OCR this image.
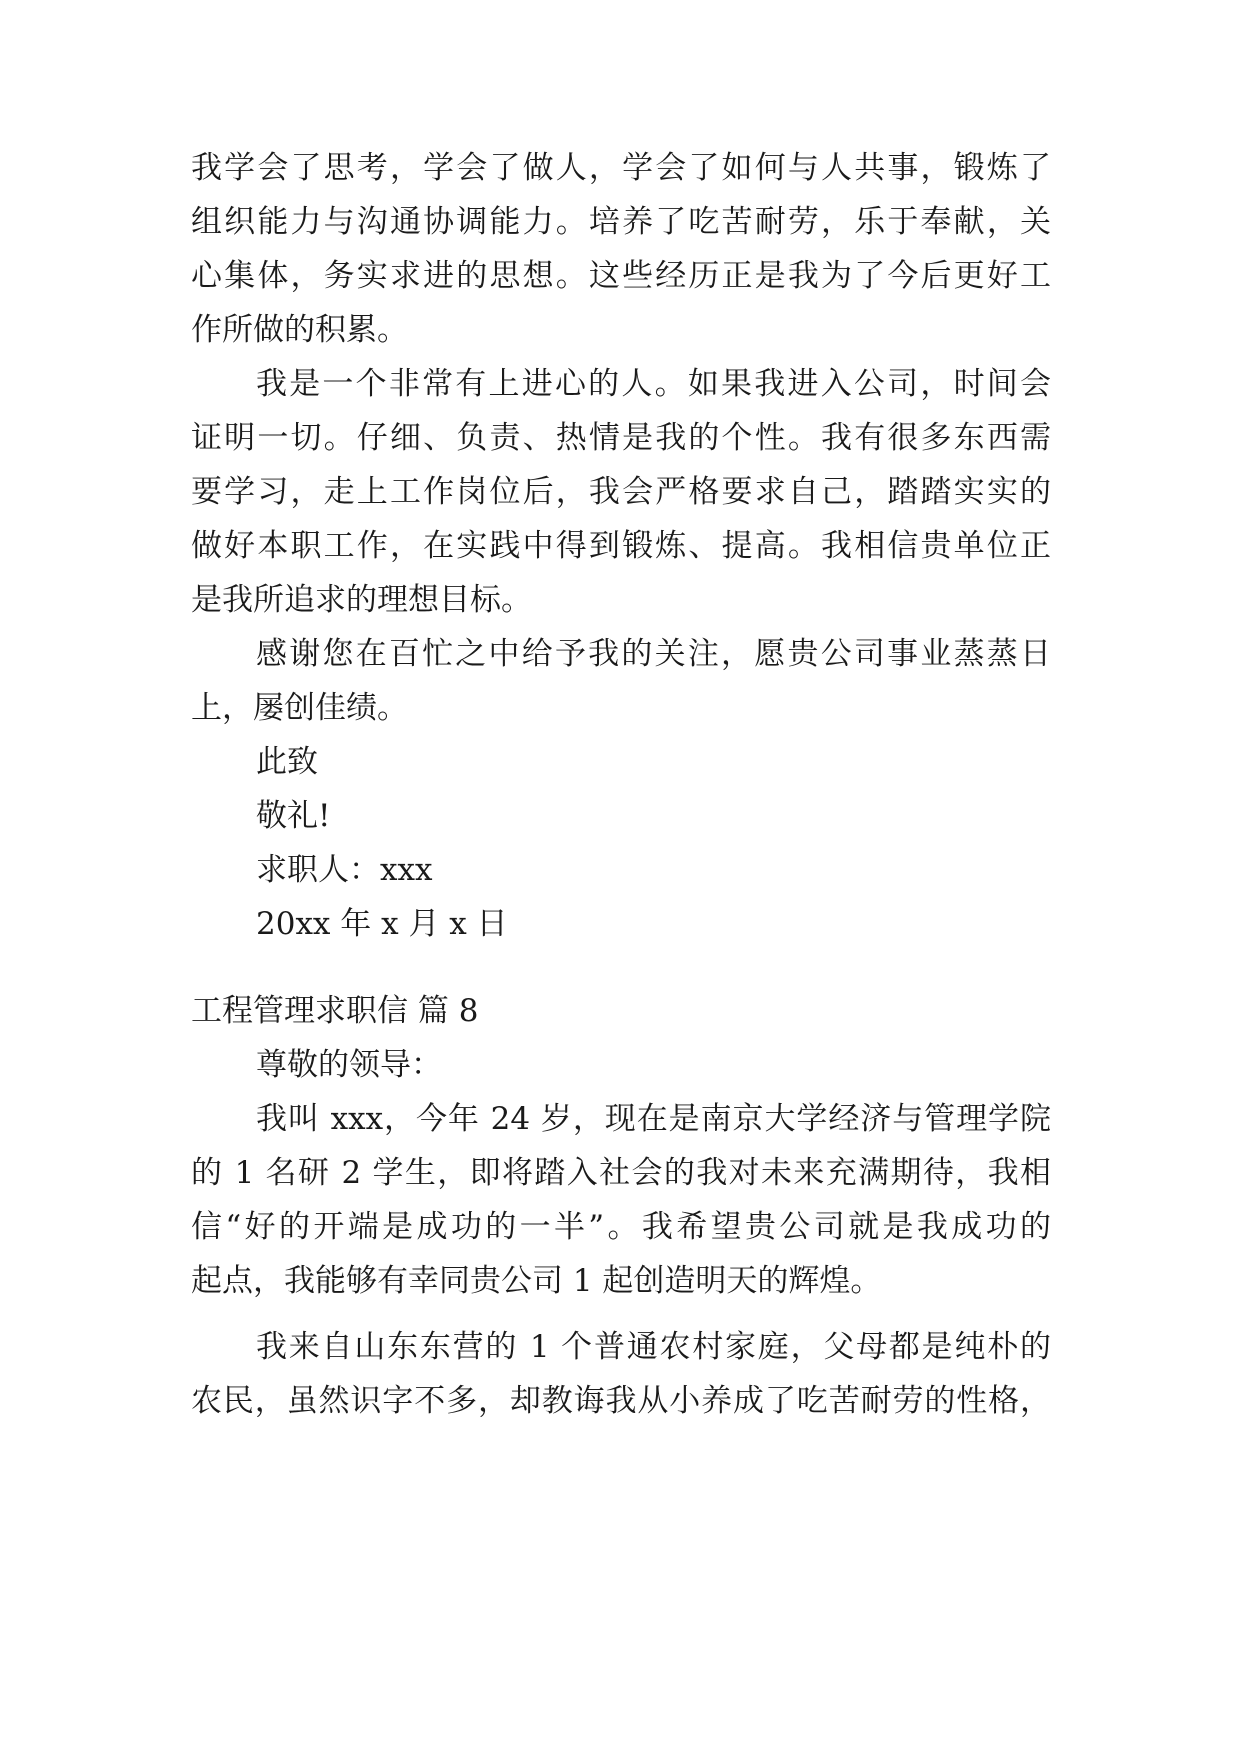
我学会了思考，学会了做人，学会了如何与人共事，锻炼了
组织能力与沟通协调能力。培养了吃苦耐劳，乐于奉献，关
心集体，务实求进的思想。这些经历正是我为了今后更好工
作所做的积累。
我是一个非常有上进心的人。如果我进入公司，时间会
证明一切。仔细、负责、热情是我的个性。我有很多东西需
要学习，走上工作岗位后，我会严格要求自己，踏踏实实的
做好本职工作，在实践中得到锻炼、提高。我相信贵单位正
是我所追求的理想目标。
感谢您在百忙之中给予我的关注，愿贵公司事业蒸蒸日
上，屡创佳绩。
此致
敬礼!
求职人：xxx
20xx 年 x 月 x 日
工程管理求职信 篇 8
尊敬的领导：
我叫 xxx，今年 24 岁，现在是南京大学经济与管理学院
的 1 名研 2 学生，即将踏入社会的我对未来充满期待，我相
信“好的开端是成功的一半”。我希望贵公司就是我成功的
起点，我能够有幸同贵公司 1 起创造明天的辉煌。
我来自山东东营的 1 个普通农村家庭，父母都是纯朴的
农民，虽然识字不多，却教诲我从小养成了吃苦耐劳的性格，
